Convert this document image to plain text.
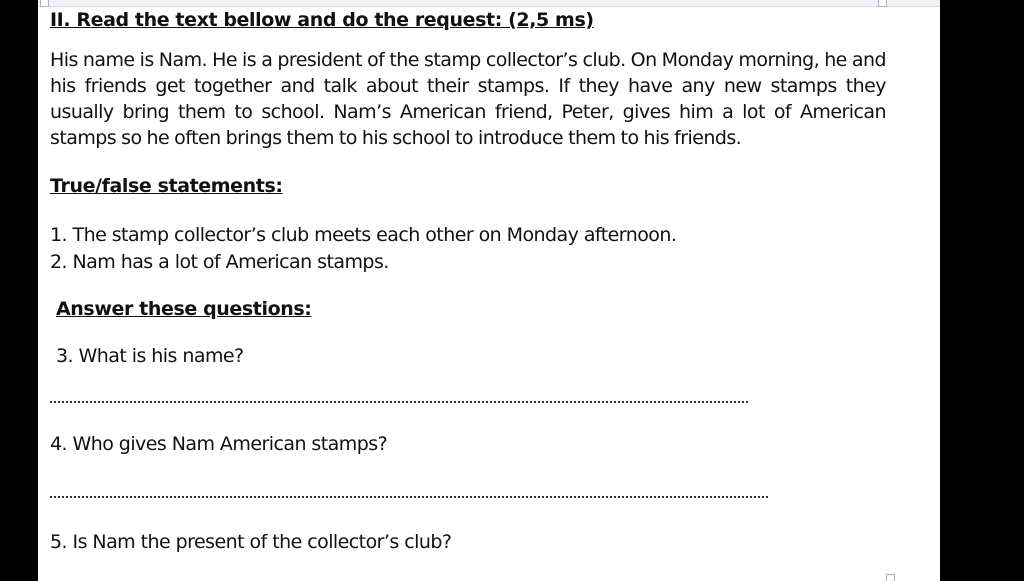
II. Read the text bellow and do the request: (2,5 ms)
His name is Nam. He is a president of the stamp collector’s club. On Monday morning, he and his friends get together and talk about their stamps. If they have any new stamps they usually bring them to school. Nam’s American friend, Peter, gives him a lot of American stamps so he often brings them to his school to introduce them to his friends.
True/false statements:
1. The stamp collector’s club meets each other on Monday afternoon.
2. Nam has a lot of American stamps.
Answer these questions:
3. What is his name?
4. Who gives Nam American stamps?
5. Is Nam the present of the collector’s club?
